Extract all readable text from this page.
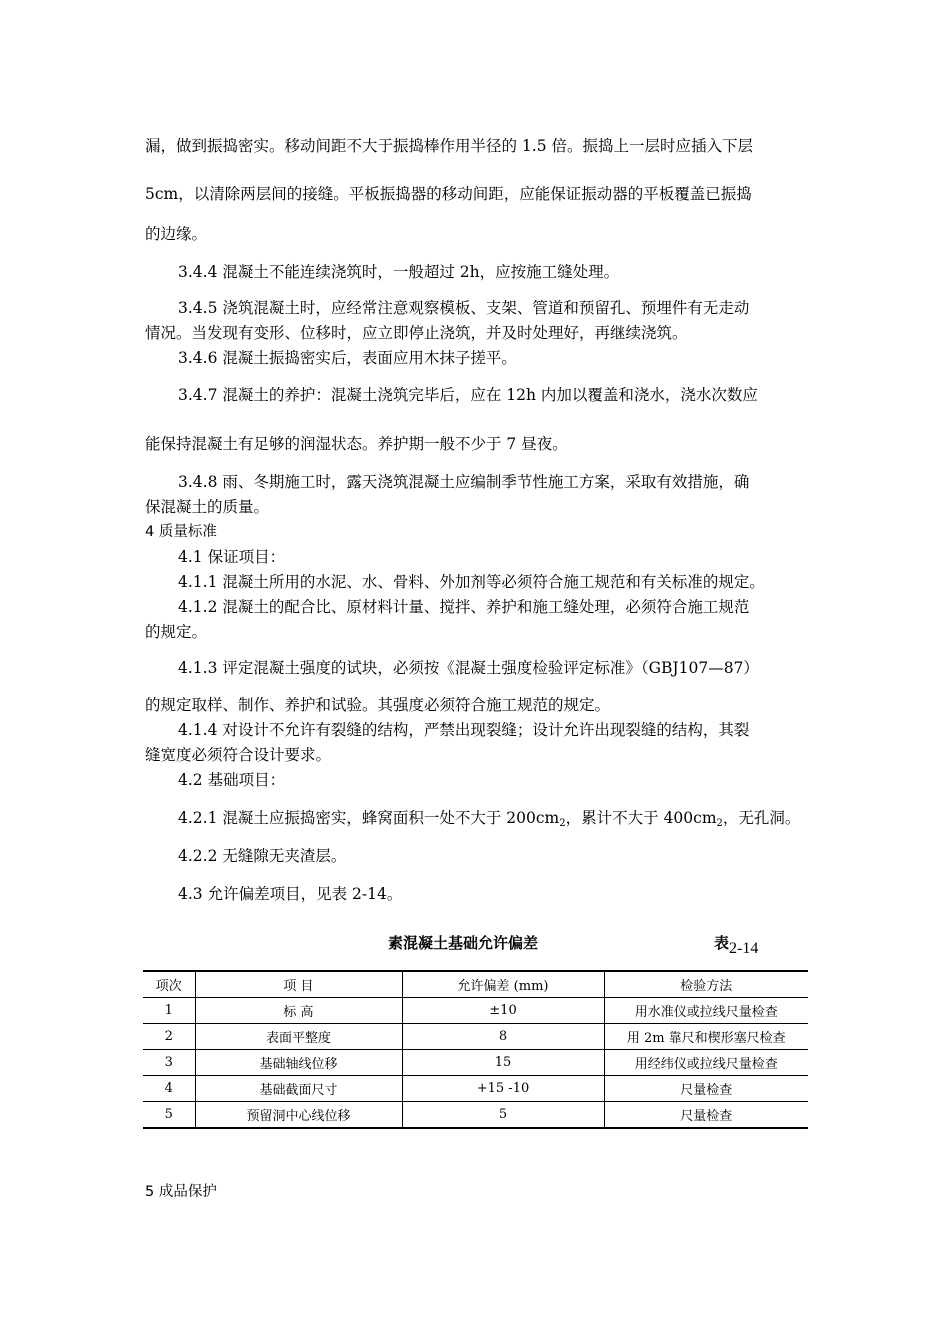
漏，做到振捣密实。移动间距不大于振捣棒作用半径的 1.5 倍。振捣上一层时应插入下层
5cm，以清除两层间的接缝。平板振捣器的移动间距，应能保证振动器的平板覆盖已振捣
的边缘。
3.4.4 混凝土不能连续浇筑时，一般超过 2h，应按施工缝处理。
3.4.5 浇筑混凝土时，应经常注意观察模板、支架、管道和预留孔、预埋件有无走动
情况。当发现有变形、位移时，应立即停止浇筑，并及时处理好，再继续浇筑。
3.4.6 混凝土振捣密实后，表面应用木抹子搓平。
3.4.7 混凝土的养护：混凝土浇筑完毕后，应在 12h 内加以覆盖和浇水，浇水次数应
能保持混凝土有足够的润湿状态。养护期一般不少于 7 昼夜。
3.4.8 雨、冬期施工时，露天浇筑混凝土应编制季节性施工方案，采取有效措施，确
保混凝土的质量。
4 质量标准
4.1 保证项目：
4.1.1 混凝土所用的水泥、水、骨料、外加剂等必须符合施工规范和有关标准的规定。
4.1.2 混凝土的配合比、原材料计量、搅拌、养护和施工缝处理，必须符合施工规范
的规定。
4.1.3 评定混凝土强度的试块，必须按《混凝土强度检验评定标准》（GBJ107—87）
的规定取样、制作、养护和试验。其强度必须符合施工规范的规定。
4.1.4 对设计不允许有裂缝的结构，严禁出现裂缝；设计允许出现裂缝的结构，其裂
缝宽度必须符合设计要求。
4.2 基础项目：
4.2.1 混凝土应振捣密实，蜂窝面积一处不大于 $200cm_2$，累计不大于 $400cm_2$，无孔洞。
4.2.2 无缝隙无夹渣层。
4.3 允许偏差项目，见表 2-14。
素混凝土基础允许偏差	表2-14
项次	项 目	允许偏差 (mm)	检验方法
1	标 高	±10	用水准仪或拉线尺量检查
2	表面平整度	8	用 2m 靠尺和楔形塞尺检查
3	基础轴线位移	15	用经纬仪或拉线尺量检查
4	基础截面尺寸	+15 -10	尺量检查
5	预留洞中心线位移	5	尺量检查
5 成品保护
